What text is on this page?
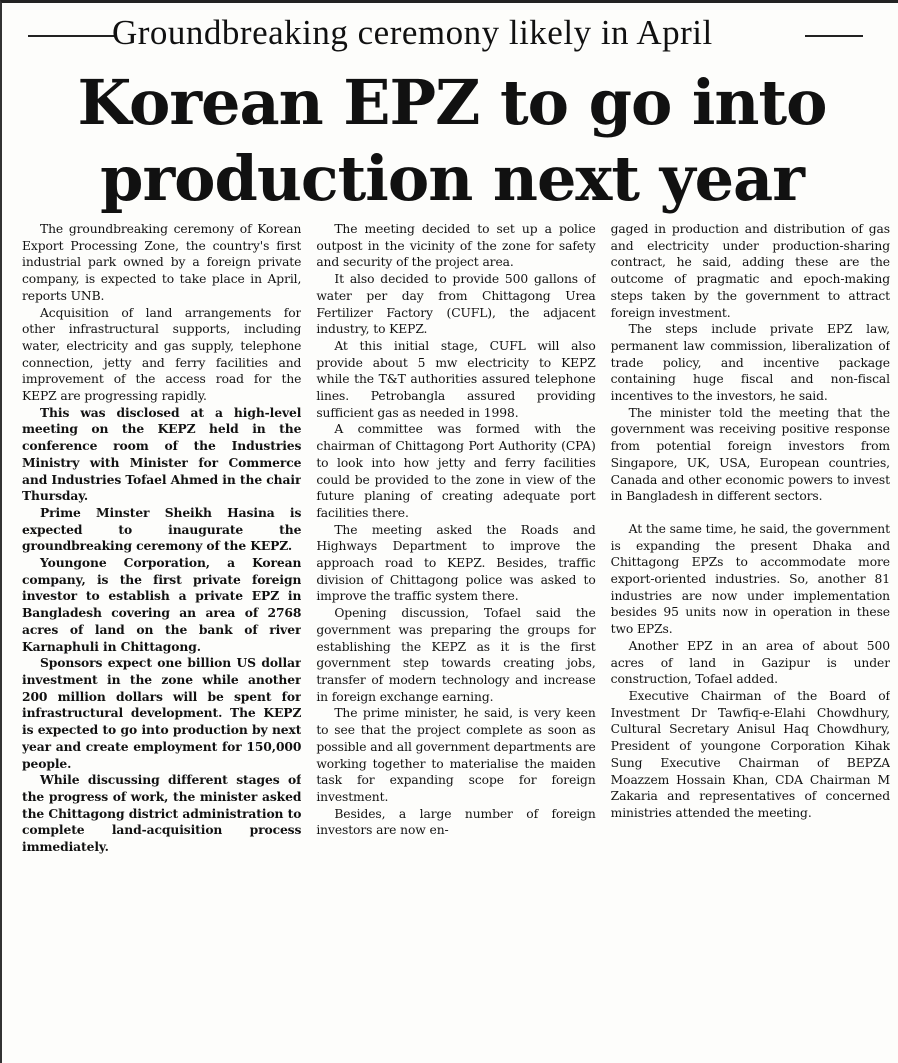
Groundbreaking ceremony likely in April
Korean EPZ to go into production next year

The groundbreaking ceremony of Korean Export Processing Zone, the country's first industrial park owned by a foreign private company, is expected to take place in April, reports UNB.

Acquisition of land arrangements for other infrastructural supports, including water, electricity and gas supply, telephone connection, jetty and ferry facilities and improvement of the access road for the KEPZ are progressing rapidly.

This was disclosed at a high-level meeting on the KEPZ held in the conference room of the Industries Ministry with Minister for Commerce and Industries Tofael Ahmed in the chair Thursday.

Prime Minster Sheikh Hasina is expected to inaugurate the groundbreaking ceremony of the KEPZ.

Youngone Corporation, a Korean company, is the first private foreign investor to establish a private EPZ in Bangladesh covering an area of 2768 acres of land on the bank of river Karnaphuli in Chittagong.

Sponsors expect one billion US dollar investment in the zone while another 200 million dollars will be spent for infrastructural development. The KEPZ is expected to go into production by next year and create employment for 150,000 people.

While discussing different stages of the progress of work, the minister asked the Chittagong district administration to complete land-acquisition process immediately.

The meeting decided to set up a police outpost in the vicinity of the zone for safety and security of the project area.

It also decided to provide 500 gallons of water per day from Chittagong Urea Fertilizer Factory (CUFL), the adjacent industry, to KEPZ.

At this initial stage, CUFL will also provide about 5 mw electricity to KEPZ while the T&T authorities assured telephone lines. Petrobangla assured providing sufficient gas as needed in 1998.

A committee was formed with the chairman of Chittagong Port Authority (CPA) to look into how jetty and ferry facilities could be provided to the zone in view of the future planing of creating adequate port facilities there.

The meeting asked the Roads and Highways Department to improve the approach road to KEPZ. Besides, traffic division of Chittagong police was asked to improve the traffic system there.

Opening discussion, Tofael said the government was preparing the groups for establishing the KEPZ as it is the first government step towards creating jobs, transfer of modern technology and increase in foreign exchange earning.

The prime minister, he said, is very keen to see that the project complete as soon as possible and all government departments are working together to materialise the maiden task for expanding scope for foreign investment.

Besides, a large number of foreign investors are now en-

gaged in production and distribution of gas and electricity under production-sharing contract, he said, adding these are the outcome of pragmatic and epoch-making steps taken by the government to attract foreign investment.

The steps include private EPZ law, permanent law commission, liberalization of trade policy, and incentive package containing huge fiscal and non-fiscal incentives to the investors, he said.

The minister told the meeting that the government was receiving positive response from potential foreign investors from Singapore, UK, USA, European countries, Canada and other economic powers to invest in Bangladesh in different sectors.

At the same time, he said, the government is expanding the present Dhaka and Chittagong EPZs to accommodate more export-oriented industries. So, another 81 industries are now under implementation besides 95 units now in operation in these two EPZs.

Another EPZ in an area of about 500 acres of land in Gazipur is under construction, Tofael added.

Executive Chairman of the Board of Investment Dr Tawfiq-e-Elahi Chowdhury, Cultural Secretary Anisul Haq Chowdhury, President of youngone Corporation Kihak Sung Executive Chairman of BEPZA Moazzem Hossain Khan, CDA Chairman M Zakaria and representatives of concerned ministries attended the meeting.
